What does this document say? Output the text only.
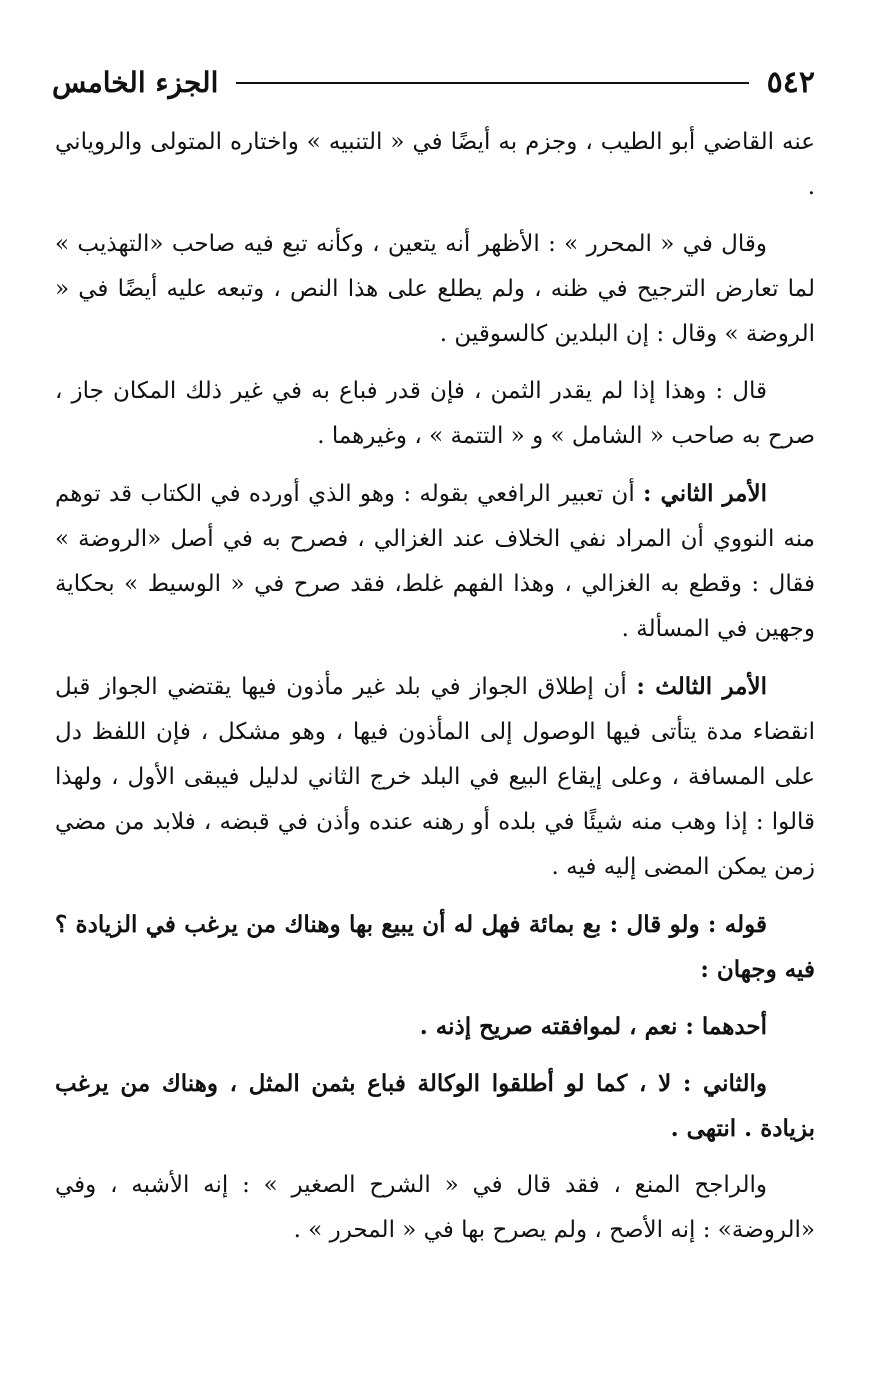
٥٤٢
الجزء الخامس

عنه القاضي أبو الطيب ، وجزم به أيضًا في « التنبيه » واختاره المتولى والروياني .

وقال في « المحرر » : الأظهر أنه يتعين ، وكأنه تبع فيه صاحب «التهذيب » لما تعارض الترجيح في ظنه ، ولم يطلع على هذا النص ، وتبعه عليه أيضًا في « الروضة » وقال : إن البلدين كالسوقين .

قال : وهذا إذا لم يقدر الثمن ، فإن قدر فباع به في غير ذلك المكان جاز ، صرح به صاحب « الشامل » و « التتمة » ، وغيرهما .

الأمر الثاني : أن تعبير الرافعي بقوله : وهو الذي أورده في الكتاب قد توهم منه النووي أن المراد نفي الخلاف عند الغزالي ، فصرح به في أصل «الروضة » فقال : وقطع به الغزالي ، وهذا الفهم غلط، فقد صرح في « الوسيط » بحكاية وجهين في المسألة .

الأمر الثالث : أن إطلاق الجواز في بلد غير مأذون فيها يقتضي الجواز قبل انقضاء مدة يتأتى فيها الوصول إلى المأذون فيها ، وهو مشكل ، فإن اللفظ دل على المسافة ، وعلى إيقاع البيع في البلد خرج الثاني لدليل فيبقى الأول ، ولهذا قالوا : إذا وهب منه شيئًا في بلده أو رهنه عنده وأذن في قبضه ، فلابد من مضي زمن يمكن المضى إليه فيه .

قوله : ولو قال : بع بمائة فهل له أن يبيع بها وهناك من يرغب في الزيادة ؟ فيه وجهان :

أحدهما : نعم ، لموافقته صريح إذنه .

والثاني : لا ، كما لو أطلقوا الوكالة فباع بثمن المثل ، وهناك من يرغب بزيادة . انتهى .

والراجح المنع ، فقد قال في « الشرح الصغير » : إنه الأشبه ، وفي «الروضة» : إنه الأصح ، ولم يصرح بها في « المحرر » .
